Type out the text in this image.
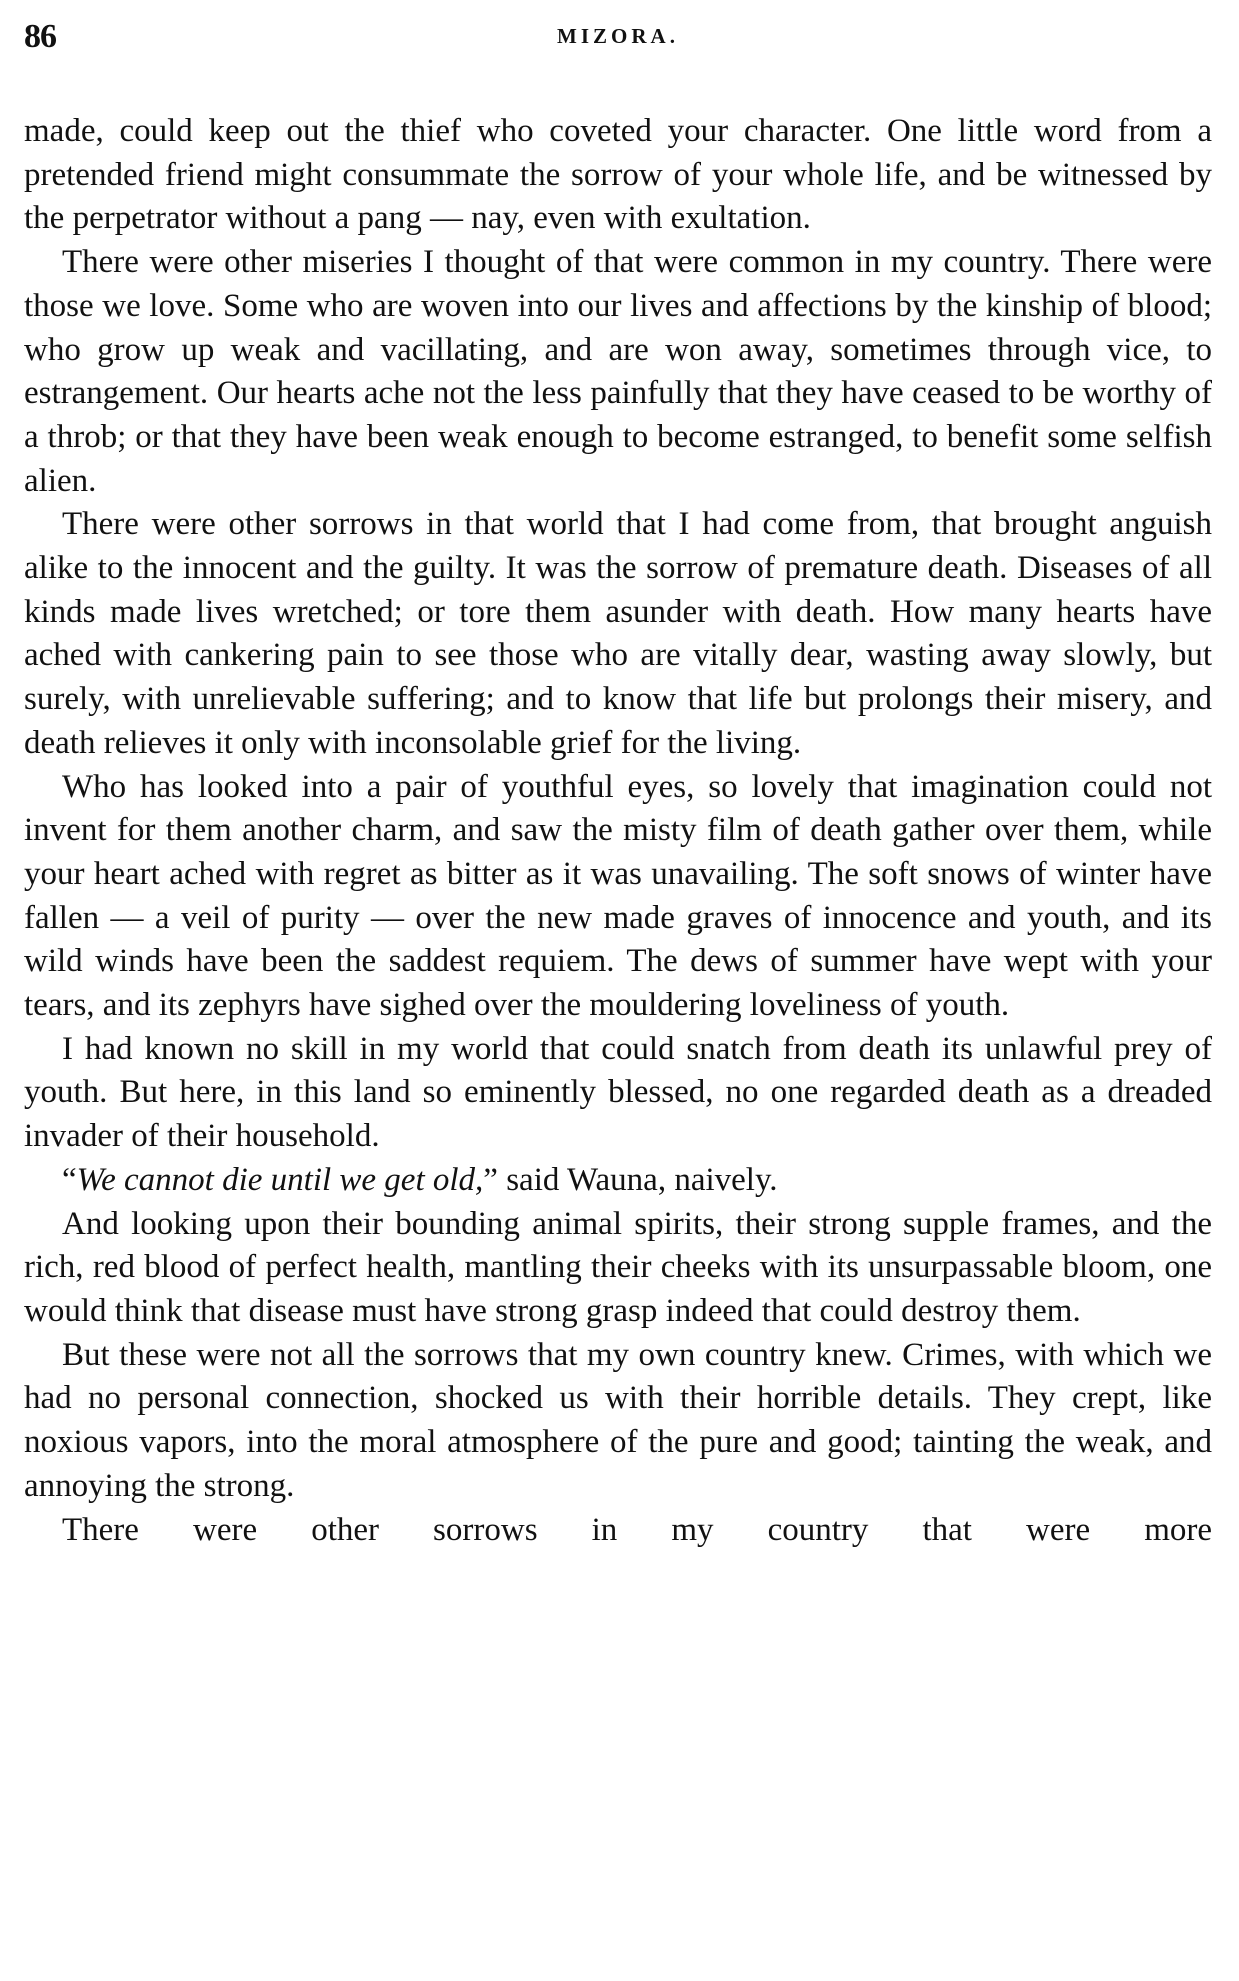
86	MIZORA.

made, could keep out the thief who coveted your character. One little word from a pretended friend might consummate the sorrow of your whole life, and be witnessed by the perpetrator without a pang — nay, even with exultation.

There were other miseries I thought of that were common in my country. There were those we love. Some who are woven into our lives and affections by the kinship of blood; who grow up weak and vacillating, and are won away, sometimes through vice, to estrangement. Our hearts ache not the less painfully that they have ceased to be worthy of a throb; or that they have been weak enough to become estranged, to benefit some selfish alien.

There were other sorrows in that world that I had come from, that brought anguish alike to the innocent and the guilty. It was the sorrow of premature death. Diseases of all kinds made lives wretched; or tore them asunder with death. How many hearts have ached with cankering pain to see those who are vitally dear, wasting away slowly, but surely, with unrelievable suffering; and to know that life but prolongs their misery, and death relieves it only with inconsolable grief for the living.

Who has looked into a pair of youthful eyes, so lovely that imagination could not invent for them another charm, and saw the misty film of death gather over them, while your heart ached with regret as bitter as it was unavailing. The soft snows of winter have fallen — a veil of purity — over the new made graves of innocence and youth, and its wild winds have been the saddest requiem. The dews of summer have wept with your tears, and its zephyrs have sighed over the mouldering loveliness of youth.

I had known no skill in my world that could snatch from death its unlawful prey of youth. But here, in this land so eminently blessed, no one regarded death as a dreaded invader of their household.

“We cannot die until we get old,” said Wauna, naively.

And looking upon their bounding animal spirits, their strong supple frames, and the rich, red blood of perfect health, mantling their cheeks with its unsurpassable bloom, one would think that disease must have strong grasp indeed that could destroy them.

But these were not all the sorrows that my own country knew. Crimes, with which we had no personal connection, shocked us with their horrible details. They crept, like noxious vapors, into the moral atmosphere of the pure and good; tainting the weak, and annoying the strong.

There were other sorrows in my country that were more
